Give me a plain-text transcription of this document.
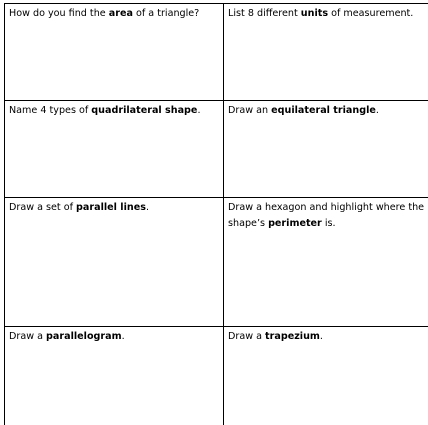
How do you find the area of a triangle?	List 8 different units of measurement.
Name 4 types of quadrilateral shape.	Draw an equilateral triangle.
Draw a set of parallel lines.	Draw a hexagon and highlight where the shape’s perimeter is.
Draw a parallelogram.	Draw a trapezium.
